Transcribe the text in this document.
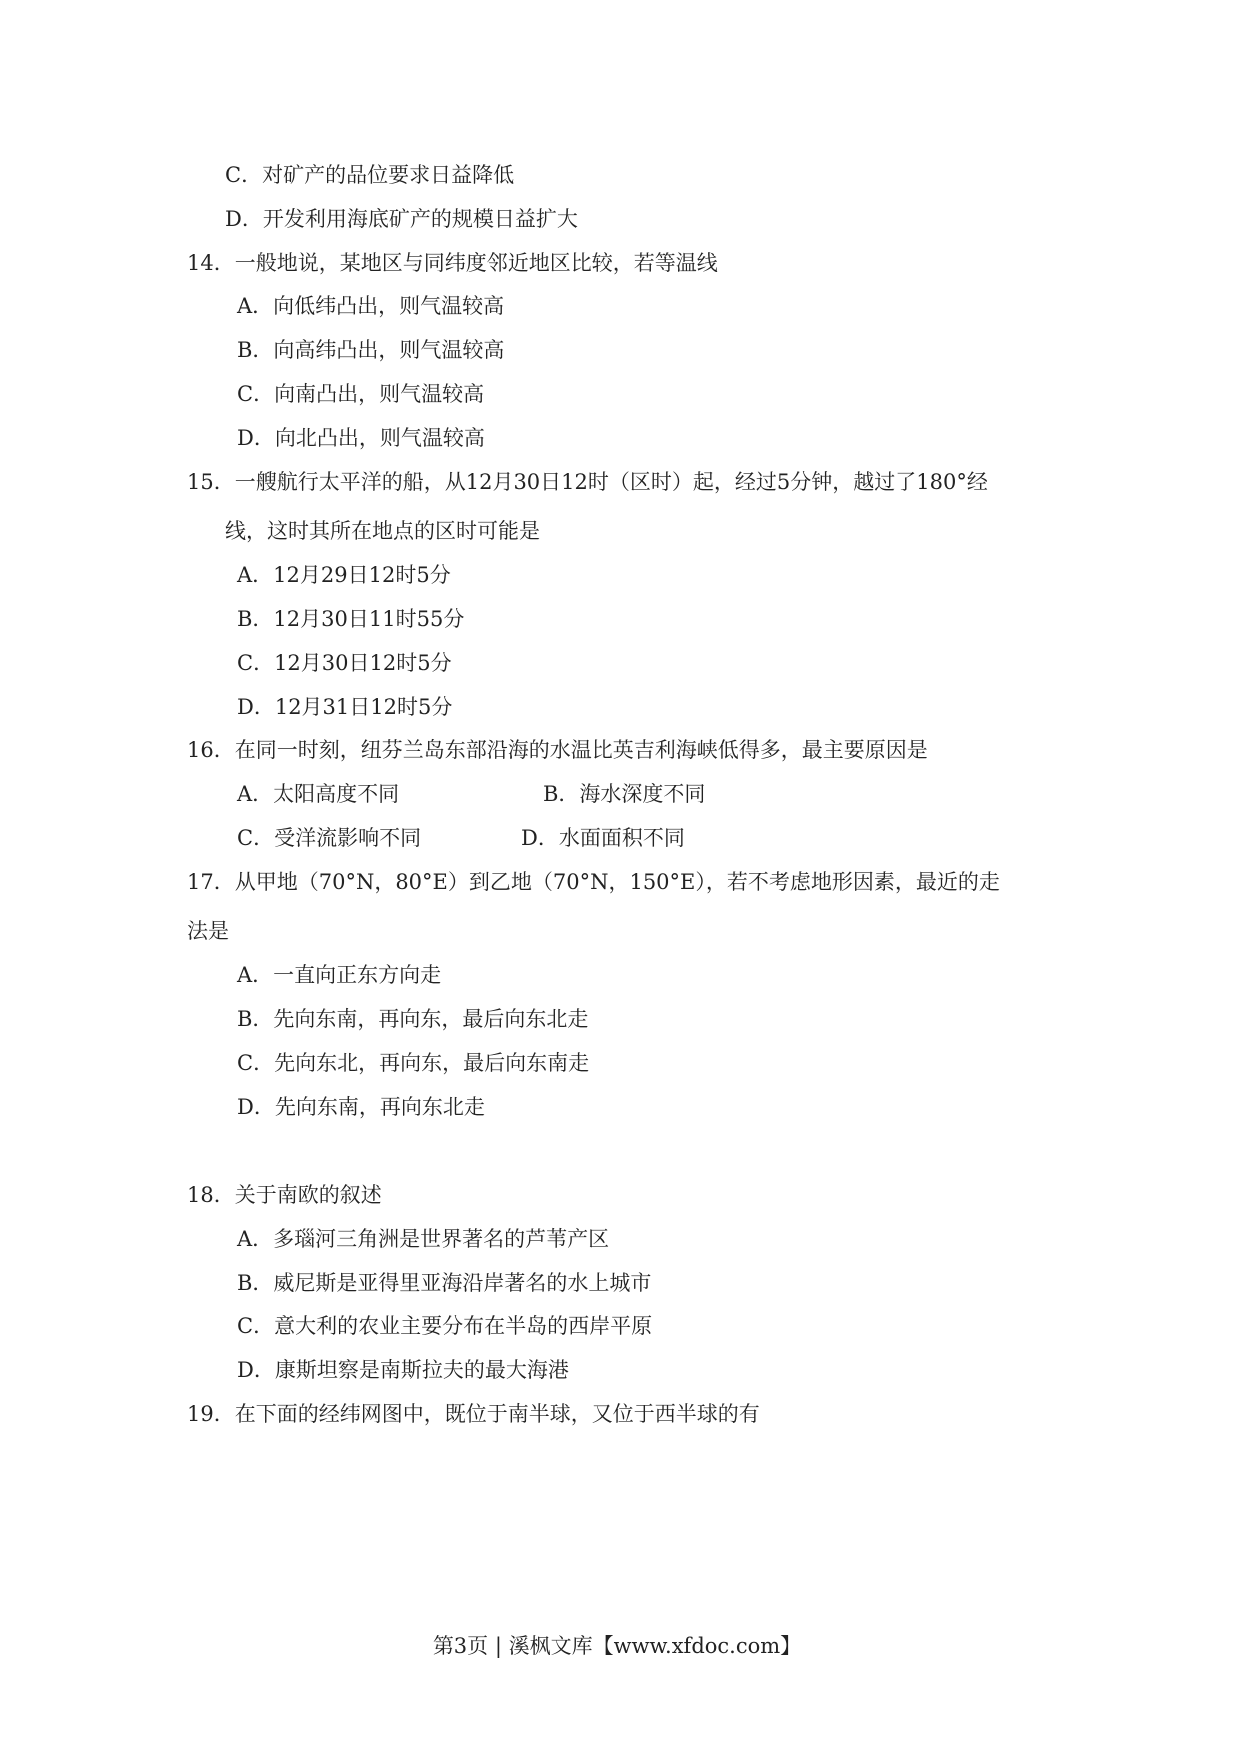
C．对矿产的品位要求日益降低
D．开发利用海底矿产的规模日益扩大
14．一般地说，某地区与同纬度邻近地区比较，若等温线
A．向低纬凸出，则气温较高
B．向高纬凸出，则气温较高
C．向南凸出，则气温较高
D．向北凸出，则气温较高
15．一艘航行太平洋的船，从12月30日12时（区时）起，经过5分钟，越过了180°经
线，这时其所在地点的区时可能是
A．12月29日12时5分
B．12月30日11时55分
C．12月30日12时5分
D．12月31日12时5分
16．在同一时刻，纽芬兰岛东部沿海的水温比英吉利海峡低得多，最主要原因是
A．太阳高度不同	B．海水深度不同
C．受洋流影响不同	D．水面面积不同
17．从甲地（70°N，80°E）到乙地（70°N，150°E），若不考虑地形因素，最近的走
法是
A．一直向正东方向走
B．先向东南，再向东，最后向东北走
C．先向东北，再向东，最后向东南走
D．先向东南，再向东北走
18．关于南欧的叙述
A．多瑙河三角洲是世界著名的芦苇产区
B．威尼斯是亚得里亚海沿岸著名的水上城市
C．意大利的农业主要分布在半岛的西岸平原
D．康斯坦察是南斯拉夫的最大海港
19．在下面的经纬网图中，既位于南半球，又位于西半球的有
第3页 | 溪枫文库【www.xfdoc.com】
